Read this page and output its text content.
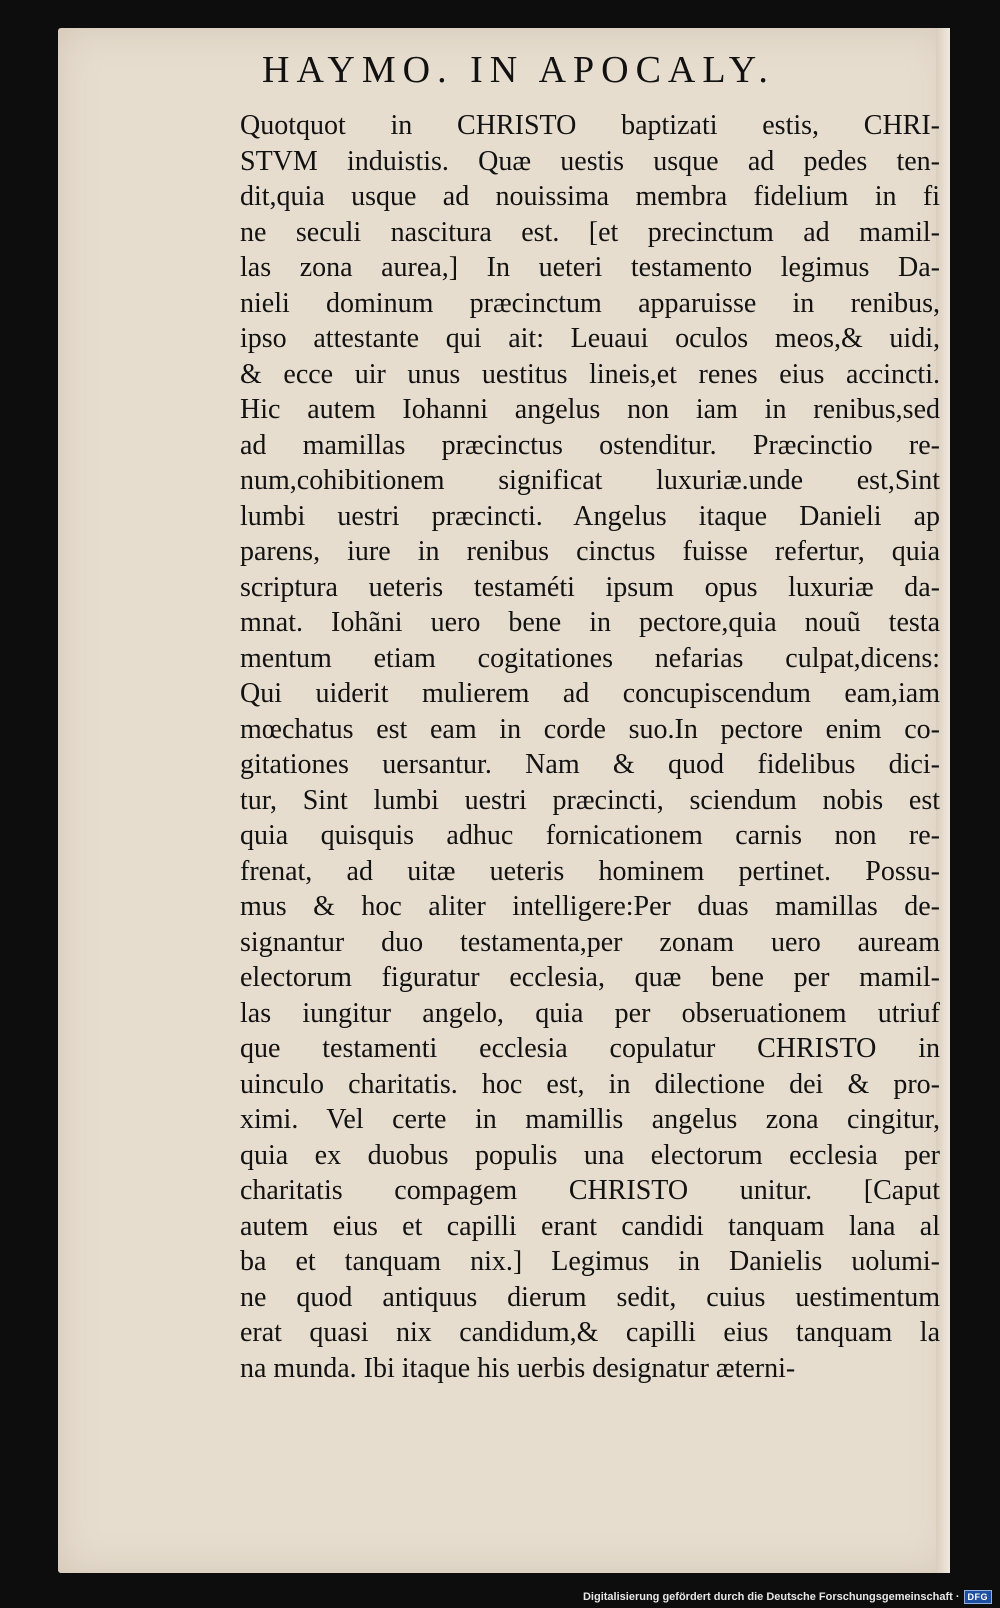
HAYMO. IN APOCALY.
Quotquot in CHRISTO baptizati estis, CHRI-
STVM induistis. Quæ uestis usque ad pedes ten-
dit,quia usque ad nouissima membra fidelium in fi
ne seculi nascitura est. [et precinctum ad mamil-
las zona aurea,] In ueteri testamento legimus Da-
nieli dominum præcinctum apparuisse in renibus,
ipso attestante qui ait: Leuaui oculos meos,& uidi,
& ecce uir unus uestitus lineis,et renes eius accincti.
Hic autem Iohanni angelus non iam in renibus,sed
ad mamillas præcinctus ostenditur. Præcinctio re-
num,cohibitionem significat luxuriæ.unde est,Sint
lumbi uestri præcincti. Angelus itaque Danieli ap
parens, iure in renibus cinctus fuisse refertur, quia
scriptura ueteris testaméti ipsum opus luxuriæ da-
mnat. Iohãni uero bene in pectore,quia nouũ testa
mentum etiam cogitationes nefarias culpat,dicens:
Qui uiderit mulierem ad concupiscendum eam,iam
mœchatus est eam in corde suo.In pectore enim co-
gitationes uersantur. Nam & quod fidelibus dici-
tur, Sint lumbi uestri præcincti, sciendum nobis est
quia quisquis adhuc fornicationem carnis non re-
frenat, ad uitæ ueteris hominem pertinet. Possu-
mus & hoc aliter intelligere:Per duas mamillas de-
signantur duo testamenta,per zonam uero auream
electorum figuratur ecclesia, quæ bene per mamil-
las iungitur angelo, quia per obseruationem utriuf
que testamenti ecclesia copulatur CHRISTO in
uinculo charitatis. hoc est, in dilectione dei & pro-
ximi. Vel certe in mamillis angelus zona cingitur,
quia ex duobus populis una electorum ecclesia per
charitatis compagem CHRISTO unitur. [Caput
autem eius et capilli erant candidi tanquam lana al
ba et tanquam nix.] Legimus in Danielis uolumi-
ne quod antiquus dierum sedit, cuius uestimentum
erat quasi nix candidum,& capilli eius tanquam la
na munda. Ibi itaque his uerbis designatur æterni-
Digitalisierung gefördert durch die Deutsche Forschungsgemeinschaft · DFG
